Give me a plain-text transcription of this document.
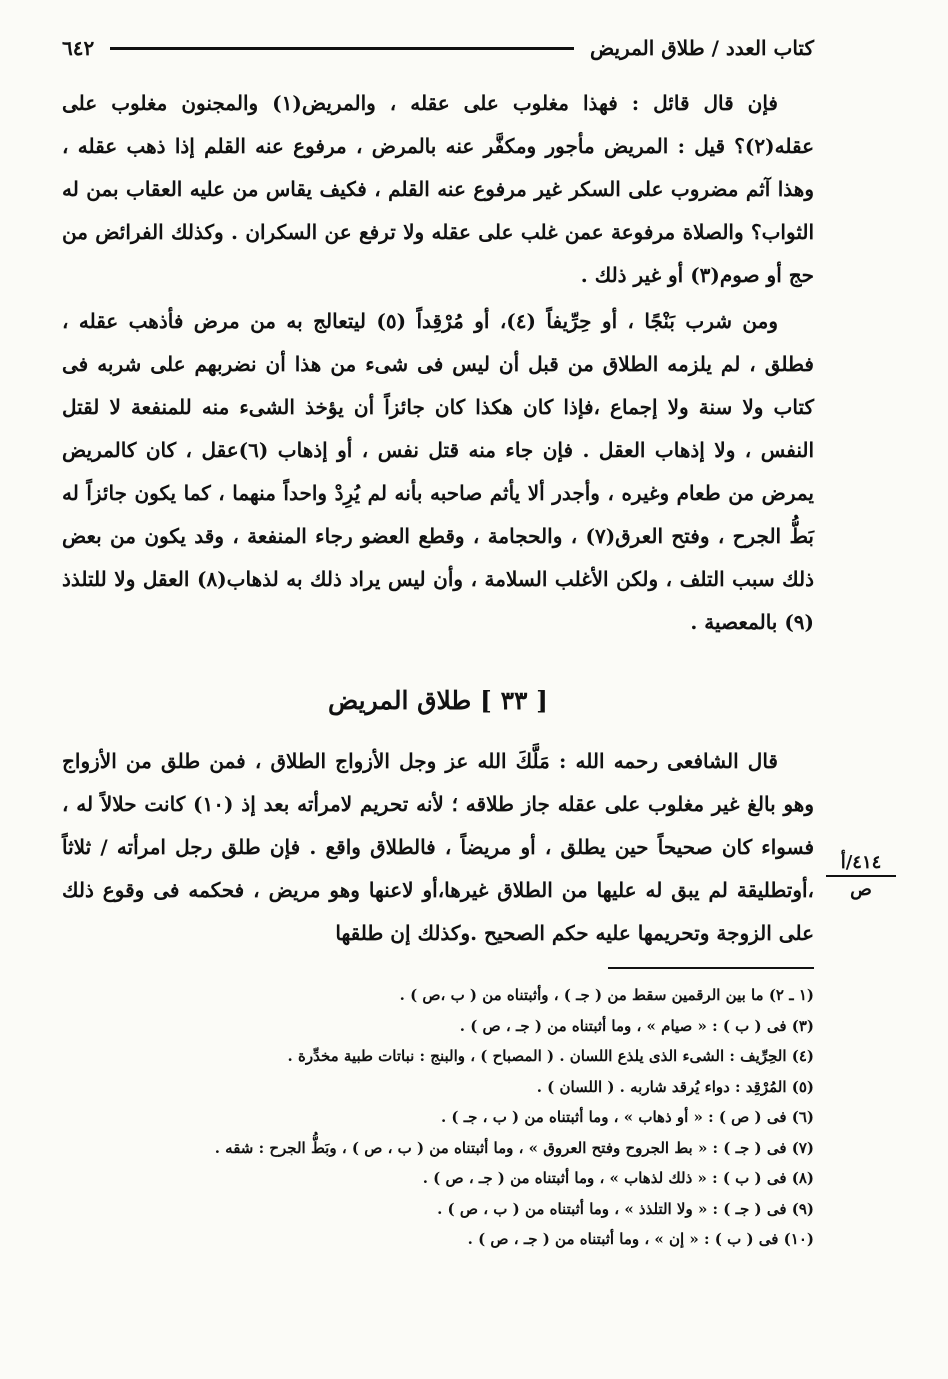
كتاب العدد / طلاق المريض
٦٤٢

فإن قال قائل : فهذا مغلوب على عقله ، والمريض(١) والمجنون مغلوب على عقله(٢)؟ قيل : المريض مأجور ومكفَّر عنه بالمرض ، مرفوع عنه القلم إذا ذهب عقله ، وهذا آثم مضروب على السكر غير مرفوع عنه القلم ، فكيف يقاس من عليه العقاب بمن له الثواب؟ والصلاة مرفوعة عمن غلب على عقله ولا ترفع عن السكران . وكذلك الفرائض من حج أو صوم(٣) أو غير ذلك .

ومن شرب بَنْجًا ، أو حِرِّيفاً (٤)، أو مُرْقِداً (٥) ليتعالج به من مرض فأذهب عقله ، فطلق ، لم يلزمه الطلاق من قبل أن ليس فى شىء من هذا أن نضربهم على شربه فى كتاب ولا سنة ولا إجماع ،فإذا كان هكذا كان جائزاً أن يؤخذ الشىء منه للمنفعة لا لقتل النفس ، ولا إذهاب العقل . فإن جاء منه قتل نفس ، أو إذهاب (٦)عقل ، كان كالمريض يمرض من طعام وغيره ، وأجدر ألا يأثم صاحبه بأنه لم يُرِدْ واحداً منهما ، كما يكون جائزاً له بَطُّ الجرح ، وفتح العرق(٧) ، والحجامة ، وقطع العضو رجاء المنفعة ، وقد يكون من بعض ذلك سبب التلف ، ولكن الأغلب السلامة ، وأن ليس يراد ذلك به لذهاب(٨) العقل ولا للتلذذ (٩) بالمعصية .

[ ٣٣ ] طلاق المريض

قال الشافعى رحمه الله : مَلَّكَ الله عز وجل الأزواج الطلاق ، فمن طلق من الأزواج وهو بالغ غير مغلوب على عقله جاز طلاقه ؛ لأنه تحريم لامرأته بعد إذ (١٠) كانت حلالاً له ، فسواء كان صحيحاً حين يطلق ، أو مريضاً ، فالطلاق واقع . فإن طلق رجل امرأته / ثلاثاً ،أوتطليقة لم يبق له عليها من الطلاق غيرها،أو لاعنها وهو مريض ، فحكمه فى وقوع ذلك على الزوجة وتحريمها عليه حكم الصحيح .وكذلك إن طلقها

٤١٤/أ
ص
(١ ـ ٢) ما بين الرقمين سقط من ( جـ ) ، وأثبتناه من ( ب ،ص ) .
(٣) فى ( ب ) : « صيام » ، وما أثبتناه من ( جـ ، ص ) .
(٤) الحِرِّيف : الشىء الذى يلذع اللسان . ( المصباح ) ، والبنج : نباتات طبية مخدِّرة .
(٥) المُرْقِد : دواء يُرقد شاربه . ( اللسان ) .
(٦) فى ( ص ) : « أو ذهاب » ، وما أثبتناه من ( ب ، جـ ) .
(٧) فى ( جـ ) : « بط الجروح وفتح العروق » ، وما أثبتناه من ( ب ، ص ) ، وبَطُّ الجرح : شقه .
(٨) فى ( ب ) : « ذلك لذهاب » ، وما أثبتناه من ( جـ ، ص ) .
(٩) فى ( جـ ) : « ولا التلذذ » ، وما أثبتناه من ( ب ، ص ) .
(١٠) فى ( ب ) : « إن » ، وما أثبتناه من ( جـ ، ص ) .
